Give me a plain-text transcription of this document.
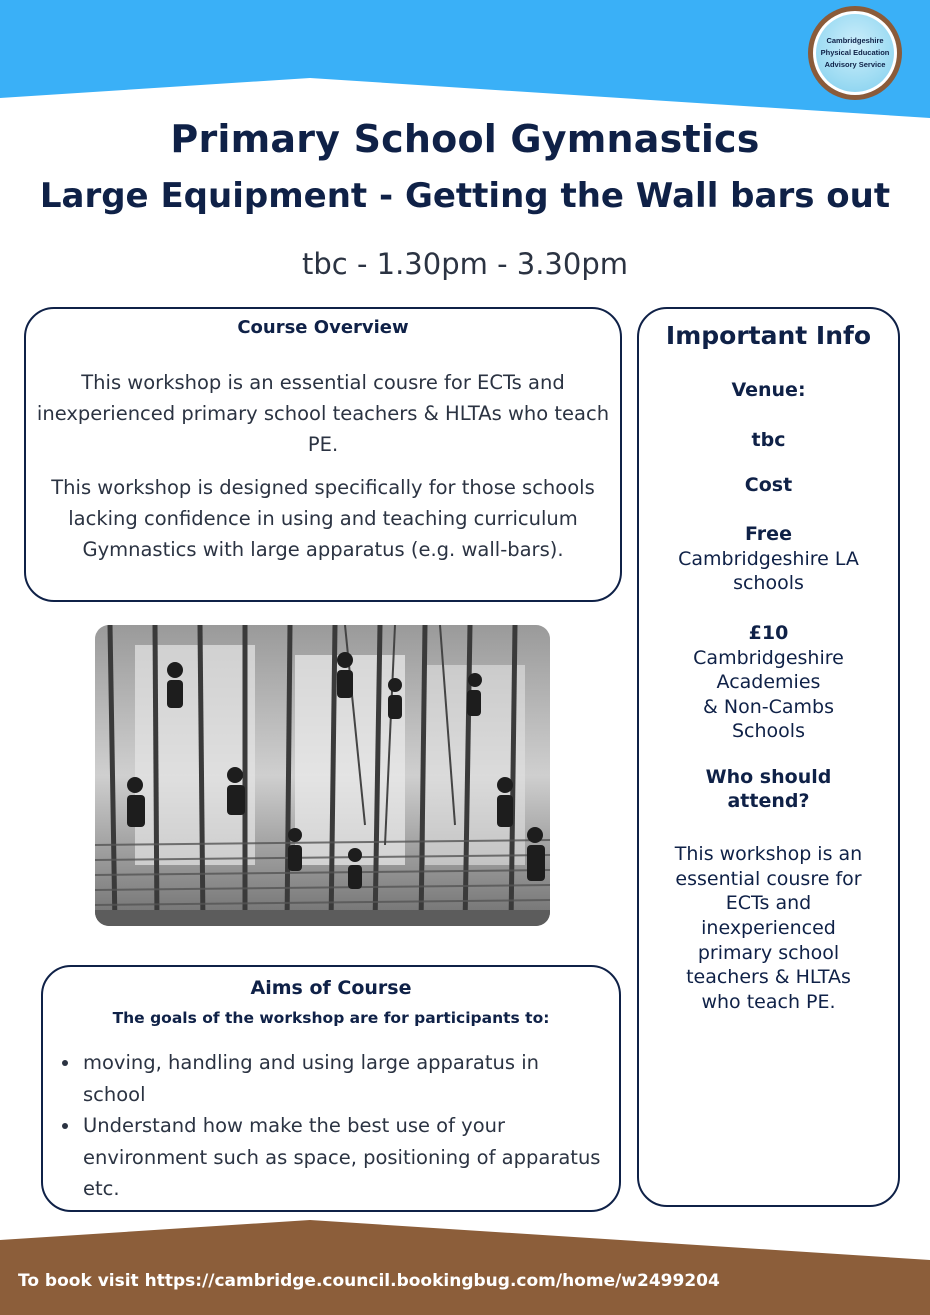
Cambridgeshire
Physical Education
Advisory Service
Primary School Gymnastics
Large Equipment - Getting the Wall bars out
tbc - 1.30pm - 3.30pm
Course Overview

This workshop is an essential cousre for ECTs and inexperienced primary school teachers & HLTAs who teach PE.

This workshop is designed specifically for those schools lacking confidence in using and teaching curriculum Gymnastics with large apparatus (e.g. wall-bars).

Aims of Course
The goals of the workshop are for participants to:
• moving, handling and using large apparatus in school
• Understand how make the best use of your environment such as space, positioning of apparatus etc.
Important Info
Venue:
tbc
Cost
Free
Cambridgeshire LA
schools
£10
Cambridgeshire
Academies
& Non-Cambs
Schools
Who should
attend?
This workshop is an
essential cousre for
ECTs and
inexperienced
primary school
teachers & HLTAs
who teach PE.
To book visit https://cambridge.council.bookingbug.com/home/w2499204
